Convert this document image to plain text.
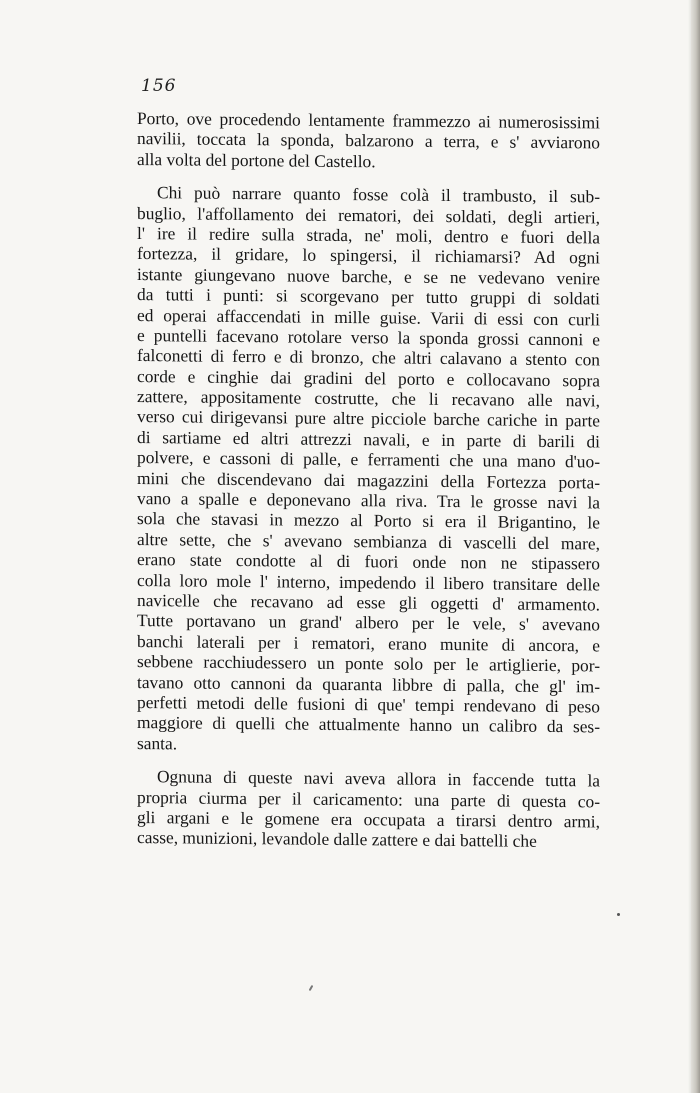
156
Porto, ove procedendo lentamente frammezzo ai numerosissimi
navilii, toccata la sponda, balzarono a terra, e s' avviarono
alla volta del portone del Castello.
Chi può narrare quanto fosse colà il trambusto, il sub-
buglio, l'affollamento dei rematori, dei soldati, degli artieri,
l' ire il redire sulla strada, ne' moli, dentro e fuori della
fortezza, il gridare, lo spingersi, il richiamarsi? Ad ogni
istante giungevano nuove barche, e se ne vedevano venire
da tutti i punti: si scorgevano per tutto gruppi di soldati
ed operai affaccendati in mille guise. Varii di essi con curli
e puntelli facevano rotolare verso la sponda grossi cannoni e
falconetti di ferro e di bronzo, che altri calavano a stento con
corde e cinghie dai gradini del porto e collocavano sopra
zattere, appositamente costrutte, che li recavano alle navi,
verso cui dirigevansi pure altre picciole barche cariche in parte
di sartiame ed altri attrezzi navali, e in parte di barili di
polvere, e cassoni di palle, e ferramenti che una mano d'uo-
mini che discendevano dai magazzini della Fortezza porta-
vano a spalle e deponevano alla riva. Tra le grosse navi la
sola che stavasi in mezzo al Porto si era il Brigantino, le
altre sette, che s' avevano sembianza di vascelli del mare,
erano state condotte al di fuori onde non ne stipassero
colla loro mole l' interno, impedendo il libero transitare delle
navicelle che recavano ad esse gli oggetti d' armamento.
Tutte portavano un grand' albero per le vele, s' avevano
banchi laterali per i rematori, erano munite di ancora, e
sebbene racchiudessero un ponte solo per le artiglierie, por-
tavano otto cannoni da quaranta libbre di palla, che gl' im-
perfetti metodi delle fusioni di que' tempi rendevano di peso
maggiore di quelli che attualmente hanno un calibro da ses-
santa.
Ognuna di queste navi aveva allora in faccende tutta la
propria ciurma per il caricamento: una parte di questa co-
gli argani e le gomene era occupata a tirarsi dentro armi,
casse, munizioni, levandole dalle zattere e dai battelli che
